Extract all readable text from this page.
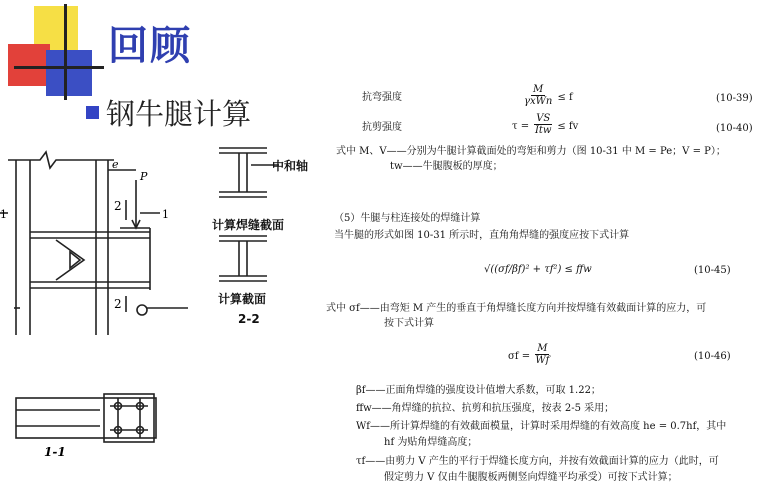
回顾
钢牛腿计算
e
P
2
1
1
2
1-1
中和轴
计算焊缝截面
计算截面
2-2
抗弯强度	$\frac{M}{\text{γxWn}} \le f$	(10-39)
抗剪强度	$\tau = \frac{VS}{\text{Itw}}$ ≤ fv	(10-40)
式中 M、V——分别为牛腿计算截面处的弯矩和剪力（图 10-31 中 M = Pe；V = P）；
tw——牛腿腹板的厚度；
（5）牛腿与柱连接处的焊缝计算
当牛腿的形式如图 10-31 所示时，直角角焊缝的强度应按下式计算
√((σf/βf)² + τf²) ≤ ffw	(10-45)
式中 σf——由弯矩 M 产生的垂直于角焊缝长度方向并按焊缝有效截面计算的应力，可
按下式计算
$\sigma f = \frac{M}{Wf}$	(10-46)
βf——正面角焊缝的强度设计值增大系数，可取 1.22；
ffw——角焊缝的抗拉、抗剪和抗压强度，按表 2-5 采用；
Wf——所计算焊缝的有效截面模量，计算时采用焊缝的有效高度 he = 0.7hf，其中
hf 为贴角焊缝高度；
τf——由剪力 V 产生的平行于焊缝长度方向，并按有效截面计算的应力（此时，可
假定剪力 V 仅由牛腿腹板两侧竖向焊缝平均承受）可按下式计算；
